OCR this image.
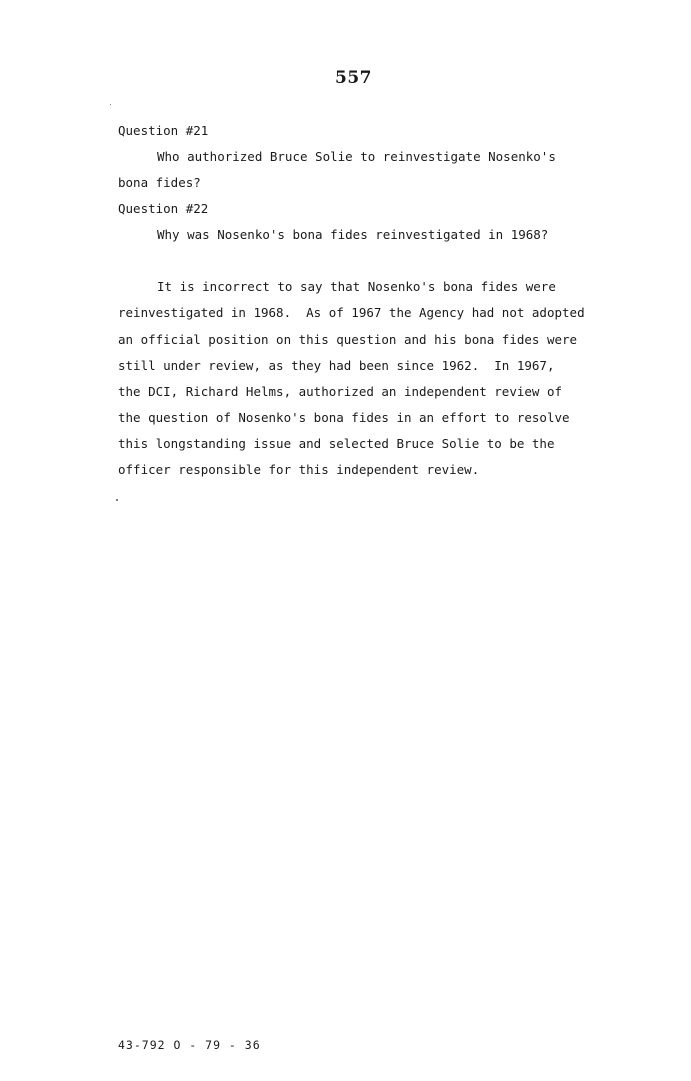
557
Question #21
Who authorized Bruce Solie to reinvestigate Nosenko's
bona fides?
Question #22
Why was Nosenko's bona fides reinvestigated in 1968?
It is incorrect to say that Nosenko's bona fides were
reinvestigated in 1968.  As of 1967 the Agency had not adopted
an official position on this question and his bona fides were
still under review, as they had been since 1962.  In 1967,
the DCI, Richard Helms, authorized an independent review of
the question of Nosenko's bona fides in an effort to resolve
this longstanding issue and selected Bruce Solie to be the
officer responsible for this independent review.
43-792 O - 79 - 36
